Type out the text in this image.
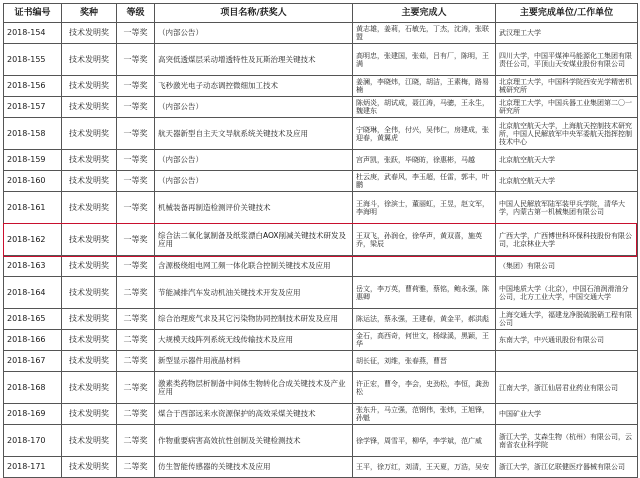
证书编号	奖种	等级	项目名称/获奖人	主要完成人	主要完成单位/工作单位
2018-154	技术发明奖	一等奖	（内部公告）	黄志雄，姜莉，石敏先，丁杰，沈涛，张联盟	武汉理工大学
2018-155	技术发明奖	一等奖	高突低透煤层采动增透特性及瓦斯治理关键技术	高明忠，张建国，张茹，吕有厂，陈明，王满	四川大学，中国平煤神马能源化工集团有限责任公司，平顶山天安煤业股份有限公司
2018-156	技术发明奖	一等奖	飞秒激光电子动态调控微细加工技术	姜澜，李晓炜，江晓，胡洁，王素梅，路易楠	北京理工大学，中国科学院西安光学精密机械研究所
2018-157	技术发明奖	一等奖	（内部公告）	陈炳炎，胡试成，聂江涛，马骢，王永生，魏建东	北京理工大学，中国兵器工业集团第二〇一研究所
2018-158	技术发明奖	一等奖	航天器新型自主天文导航系统关键技术及应用	宁晓琳，全伟，付兴，吴伟仁，房建成，张迎春，黄翼虎	北京航空航天大学，上海航天控制技术研究所，中国人民解放军中央军委航天指挥控制技术中心
2018-159	技术发明奖	一等奖	（内部公告）	宫声凯，张跃，毕晓昉，徐惠彬，马越	北京航空航天大学
2018-160	技术发明奖	一等奖	（内部公告）	杜云庚，武春风，李玉超，任雷，郭丰，叶鹏	北京航空航天大学
2018-161	技术发明奖	一等奖	机械装备再制造检测评价关键技术	王海斗，徐滨士，董丽虹，王昱，赵文军，李海明	中国人民解放军陆军装甲兵学院，清华大学，内蒙古第一机械集团有限公司
2018-162	技术发明奖	一等奖	综合法二氧化氯制备及纸浆漂白AOX削减关键技术研发及应用	王双飞，孙润仓，徐华声，黄双喜，施英乔，梁辰	广西大学，广西博世科环保科技股份有限公司，北京林业大学
2018-163	技术发明奖	一等奖	含源极绕组电网工频一体化联合控制关键技术及应用		（集团）有限公司
2018-164	技术发明奖	二等奖	节能减排汽车发动机油关键技术开发及应用	岳文，李万英，曹荷雅，蔡铭，鲍永强，陈惠卿	中国地质大学（北京），中国石油润滑油分公司，北方工业大学，中国交通大学
2018-165	技术发明奖	二等奖	综合治理废气求及其它污染物协同控制技术研发及应用	陈运法，蔡永强，王建春，黄金平，郝洪彪	上海交通大学，福建龙净脱硫脱硝工程有限公司
2018-166	技术发明奖	二等奖	大规模天线阵列系统无线传输技术及应用	金石，高西奇，何世文，杨绿溪，黑颖，王华	东南大学，中兴通讯股份有限公司
2018-167	技术发明奖	二等奖	新型显示器件用液晶材料	胡长征，刘维，张春燕，曹晋	
2018-168	技术发明奖	二等奖	激素类药物层析制备中间体生物转化合成关键技术及产业应用	许正宏，曹令，李会，史劲松，李恒，龚劲松	江南大学，浙江仙居君业药业有限公司
2018-169	技术发明奖	二等奖	煤合于西部远来水资源保护的高效采煤关键技术	张东升，马立强，范钢伟，张炜，王旭锋，孙魁	中国矿业大学
2018-170	技术发明奖	二等奖	作物重要病害高效抗性创制及关键检测技术	徐学锋，周雪平，柳华，李学斌，范广威	浙江大学，艾森生物（杭州）有限公司，云南省农业科学院
2018-171	技术发明奖	二等奖	仿生智能传感器的关键技术及应用	王平，徐万红，刘清，王天夏，万浩，吴安	浙江大学，浙江亿联健医疗器械有限公司
